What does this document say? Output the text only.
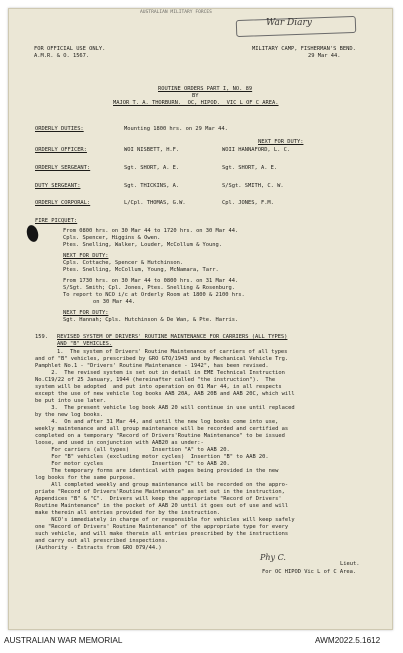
AUSTRALIAN MILITARY FORCES
War Diary
FOR OFFICIAL USE ONLY.
A.M.R. & O. 1567.
MILITARY CAMP, FISHERMAN'S BEND.
29 Mar 44.
ROUTINE ORDERS PART I, NO. 89
BY
MAJOR T. A. THORBURN.  OC, HIPOD.  VIC L OF C AREA.
ORDERLY DUTIES:	Mounting 1800 hrs. on 29 Mar 44.
NEXT FOR DUTY:
ORDERLY OFFICER:	WOI NISBETT, H.F.	WOII HANNAFORD, L. C.
ORDERLY SERGEANT:	Sgt. SHORT, A. E.	Sgt. SHORT, A. E.
DUTY SERGEANT:	Sgt. THICKINS, A.	S/Sgt. SMITH, C. W.
ORDERLY CORPORAL:	L/Cpl. THOMAS, G.W.	Cpl. JONES, F.M.
FIRE PICQUET:
From 0800 hrs. on 30 Mar 44 to 1720 hrs. on 30 Mar 44.
Cpls. Spencer, Higgins & Owen.
Ptes. Snelling, Walker, Louder, McCollum & Young.
NEXT FOR DUTY:
Cpls. Cottache, Spencer & Hutchinson.
Ptes. Snelling, McCollum, Young, McNamara, Tarr.
From 1730 hrs. on 30 Mar 44 to 0800 hrs. on 31 Mar 44.
S/Sgt. Smith; Cpl. Jones, Ptes. Snelling & Rosenburg.
To report to NCO i/c at Orderly Room at 1800 & 2100 hrs.
on 30 Mar 44.
NEXT FOR DUTY:
Sgt. Hannah; Cpls. Hutchinson & De Wan, & Pte. Harris.
159. REVISED SYSTEM OF DRIVERS' ROUTINE MAINTENANCE FOR CARRIERS (ALL TYPES)
AND "B" VEHICLES.
1.  The system of Drivers' Routine Maintenance of carriers of all types
and of "B" vehicles, prescribed by GRO GTO/1943 and by Mechanical Vehicle Trg.
Pamphlet No.1 - "Drivers' Routine Maintenance - 1942", has been revised.
2.  The revised system is set out in detail in EME Technical Instruction
No.C19/22 of 25 January, 1944 (hereinafter called "the instruction").  The
system will be adopted  and put into operation on 01 Mar 44, in all respects
except the use of new vehicle log books AAB 20A, AAB 20B and AAB 20C, which will
be put into use later.
3.  The present vehicle log book AAB 20 will continue in use until replaced
by the new log books.
4.  On and after 31 Mar 44, and until the new log books come into use,
weekly maintenance and all group maintenance will be recorded and certified as
completed on a temporary "Record of Drivers'Routine Maintenance" to be issued
loose, and used in conjunction with AAB20 as under:-
For carriers (all types)       Insertion "A" to AAB 20.
For "B" vehicles (excluding motor cycles)  Insertion "B" to AAB 20.
For motor cycles               Insertion "C" to AAB 20.
The temporary forms are identical with pages being provided in the new
log books for the same purpose.
All completed weekly and group maintenance will be recorded on the appro-
priate "Record of Drivers'Routine Maintenance" as set out in the instruction,
Appendices "B" & "C".  Drivers will keep the appropriate "Record of Drivers'
Routine Maintenance" in the pocket of AAB 20 until it goes out of use and will
make therein all entries provided for by the instruction.
NCO's immediately in charge of or responsible for vehicles will keep safely
one "Record of Drivers' Routine Maintenance" of the appropriate type for every
such vehicle, and will make therein all entries prescribed by the instructions
and carry out all prescribed inspections.
(Authority - Extracts from GRO 079/44.)
Phy C.
Lieut.
For OC HIPOD Vic L of C Area.
AUSTRALIAN WAR MEMORIAL	AWM2022.5.1612
